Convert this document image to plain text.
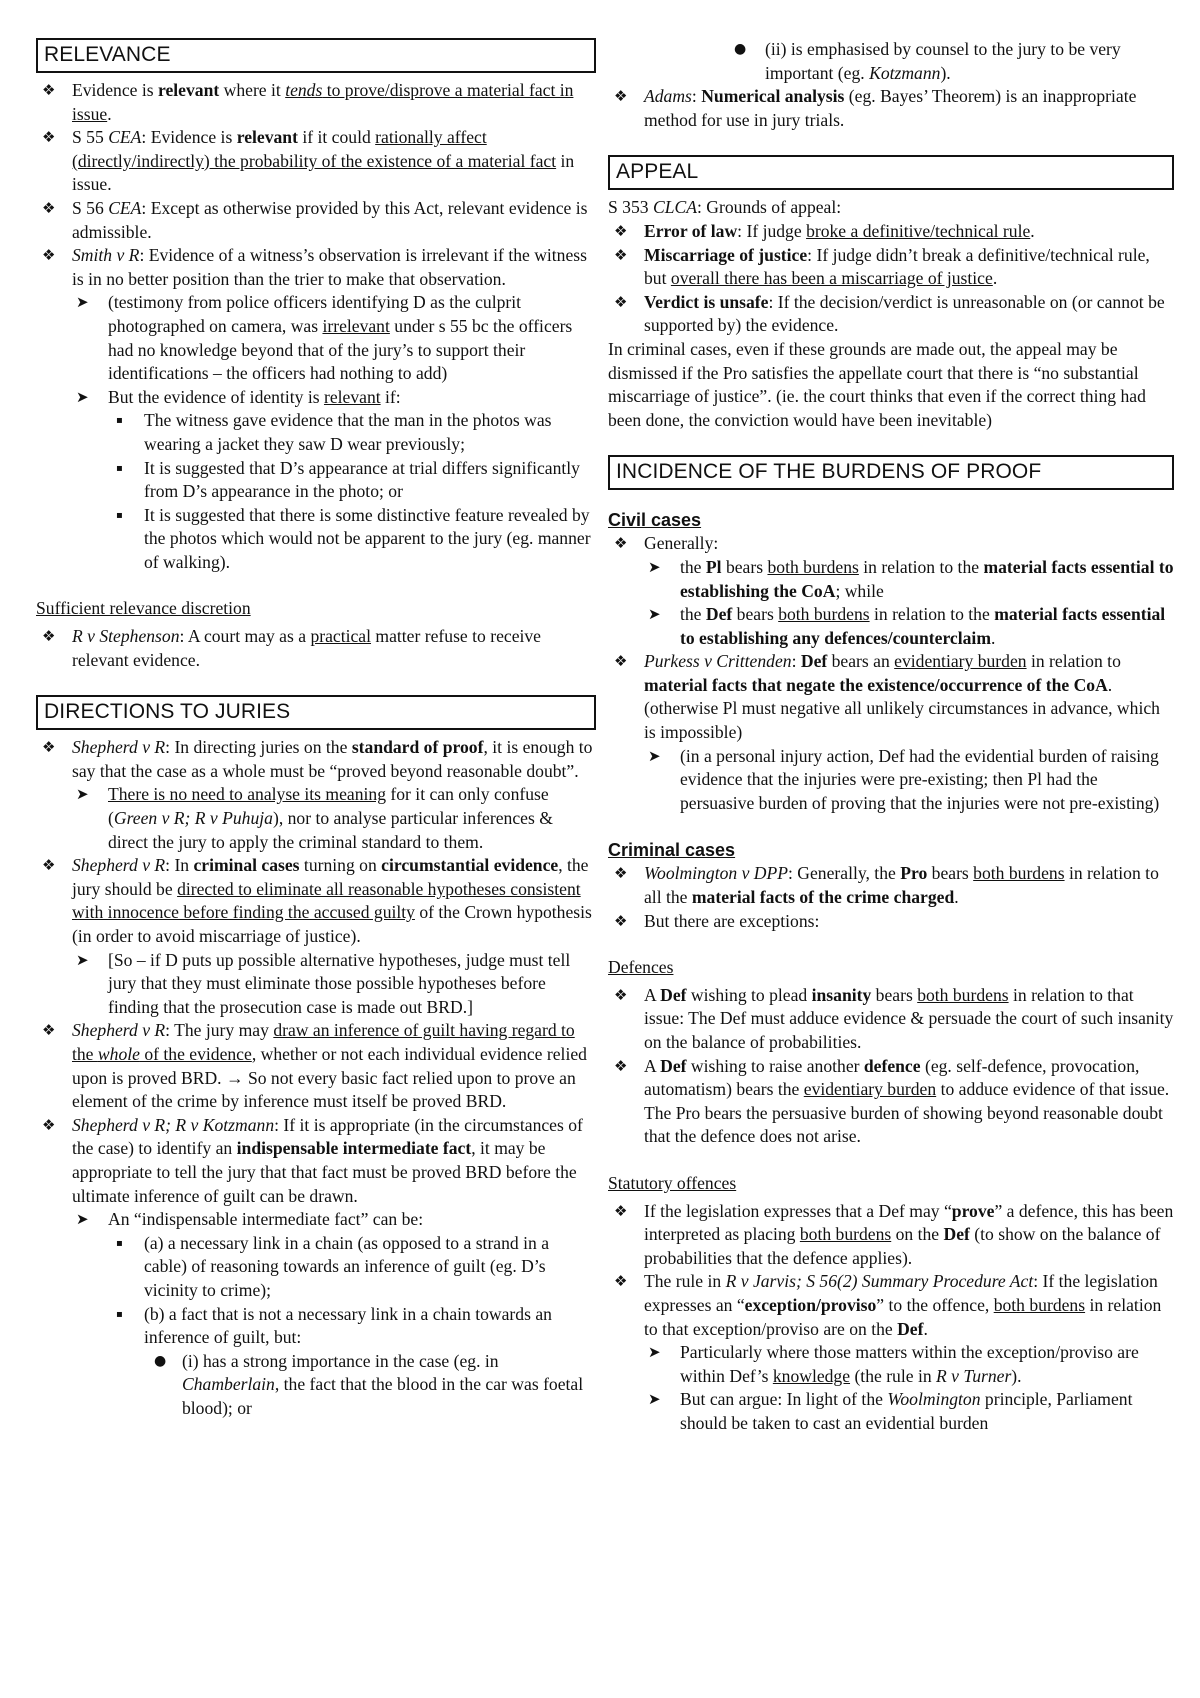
RELEVANCE
❖
Evidence is relevant where it tends to prove/disprove a material fact in issue.
❖
S 55 CEA: Evidence is relevant if it could rationally affect (directly/indirectly) the probability of the existence of a material fact in issue.
❖
S 56 CEA: Except as otherwise provided by this Act, relevant evidence is admissible.
❖
Smith v R: Evidence of a witness’s observation is irrelevant if the witness is in no better position than the trier to make that observation.
➤
(testimony from police officers identifying D as the culprit photographed on camera, was irrelevant under s 55 bc the officers had no knowledge beyond that of the jury’s to support their identifications – the officers had nothing to add)
➤
But the evidence of identity is relevant if:
▪
The witness gave evidence that the man in the photos was wearing a jacket they saw D wear previously;
▪
It is suggested that D’s appearance at trial differs significantly from D’s appearance in the photo; or
▪
It is suggested that there is some distinctive feature revealed by the photos which would not be apparent to the jury (eg. manner of walking).

Sufficient relevance discretion

❖
R v Stephenson: A court may as a practical matter refuse to receive relevant evidence.
DIRECTIONS TO JURIES
❖
Shepherd v R: In directing juries on the standard of proof, it is enough to say that the case as a whole must be “proved beyond reasonable doubt”.
➤
There is no need to analyse its meaning for it can only confuse (Green v R; R v Puhuja), nor to analyse particular inferences & direct the jury to apply the criminal standard to them.
❖
Shepherd v R: In criminal cases turning on circumstantial evidence, the jury should be directed to eliminate all reasonable hypotheses consistent with innocence before finding the accused guilty of the Crown hypothesis (in order to avoid miscarriage of justice).
➤
[So – if D puts up possible alternative hypotheses, judge must tell jury that they must eliminate those possible hypotheses before finding that the prosecution case is made out BRD.]
❖
Shepherd v R: The jury may draw an inference of guilt having regard to the whole of the evidence, whether or not each individual evidence relied upon is proved BRD. → So not every basic fact relied upon to prove an element of the crime by inference must itself be proved BRD.
❖
Shepherd v R; R v Kotzmann: If it is appropriate (in the circumstances of the case) to identify an indispensable intermediate fact, it may be appropriate to tell the jury that that fact must be proved BRD before the ultimate inference of guilt can be drawn.
➤
An “indispensable intermediate fact” can be:
▪
(a) a necessary link in a chain (as opposed to a strand in a cable) of reasoning towards an inference of guilt (eg. D’s vicinity to crime);
▪
(b) a fact that is not a necessary link in a chain towards an inference of guilt, but:
●
(i) has a strong importance in the case (eg. in Chamberlain, the fact that the blood in the car was foetal blood); or
●
(ii) is emphasised by counsel to the jury to be very important (eg. Kotzmann).
❖
Adams: Numerical analysis (eg. Bayes’ Theorem) is an inappropriate method for use in jury trials.
APPEAL

S 353 CLCA: Grounds of appeal:

❖
Error of law: If judge broke a definitive/technical rule.
❖
Miscarriage of justice: If judge didn’t break a definitive/technical rule, but overall there has been a miscarriage of justice.
❖
Verdict is unsafe: If the decision/verdict is unreasonable on (or cannot be supported by) the evidence.

In criminal cases, even if these grounds are made out, the appeal may be dismissed if the Pro satisfies the appellate court that there is “no substantial miscarriage of justice”. (ie. the court thinks that even if the correct thing had been done, the conviction would have been inevitable)

INCIDENCE OF THE BURDENS OF PROOF

Civil cases

❖
Generally:
➤
the Pl bears both burdens in relation to the material facts essential to establishing the CoA; while
➤
the Def bears both burdens in relation to the material facts essential to establishing any defences/counterclaim.
❖
Purkess v Crittenden: Def bears an evidentiary burden in relation to material facts that negate the existence/occurrence of the CoA. (otherwise Pl must negative all unlikely circumstances in advance, which is impossible)
➤
(in a personal injury action, Def had the evidential burden of raising evidence that the injuries were pre-existing; then Pl had the persuasive burden of proving that the injuries were not pre-existing)

Criminal cases

❖
Woolmington v DPP: Generally, the Pro bears both burdens in relation to all the material facts of the crime charged.
❖
But there are exceptions:

Defences

❖
A Def wishing to plead insanity bears both burdens in relation to that issue: The Def must adduce evidence & persuade the court of such insanity on the balance of probabilities.
❖
A Def wishing to raise another defence (eg. self-defence, provocation, automatism) bears the evidentiary burden to adduce evidence of that issue. The Pro bears the persuasive burden of showing beyond reasonable doubt that the defence does not arise.

Statutory offences

❖
If the legislation expresses that a Def may “prove” a defence, this has been interpreted as placing both burdens on the Def (to show on the balance of probabilities that the defence applies).
❖
The rule in R v Jarvis; S 56(2) Summary Procedure Act: If the legislation expresses an “exception/proviso” to the offence, both burdens in relation to that exception/proviso are on the Def.
➤
Particularly where those matters within the exception/proviso are within Def’s knowledge (the rule in R v Turner).
➤
But can argue: In light of the Woolmington principle, Parliament should be taken to cast an evidential burden
